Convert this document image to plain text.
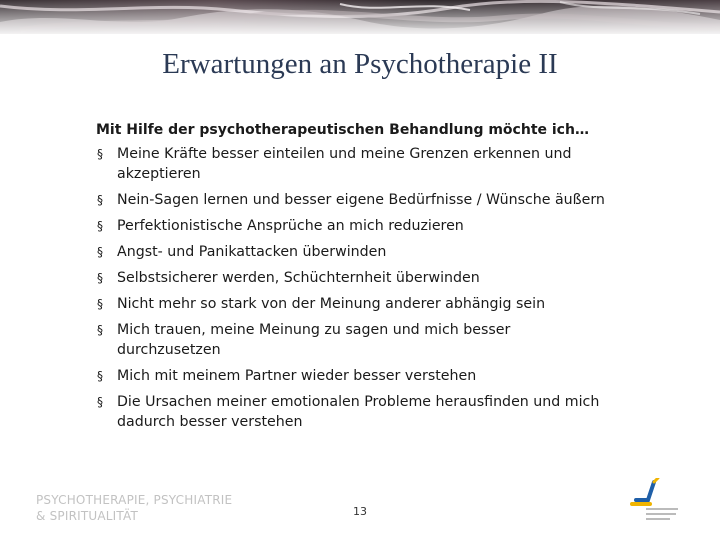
Erwartungen an Psychotherapie II

Mit Hilfe der psychotherapeutischen Behandlung möchte ich…

§ Meine Kräfte besser einteilen und meine Grenzen erkennen und akzeptieren
§ Nein-Sagen lernen und besser eigene Bedürfnisse / Wünsche äußern
§ Perfektionistische Ansprüche an mich reduzieren
§ Angst- und Panikattacken überwinden
§ Selbstsicherer werden, Schüchternheit überwinden
§ Nicht mehr so stark von der Meinung anderer abhängig sein
§ Mich trauen, meine Meinung zu sagen und mich besser durchzusetzen
§ Mich mit meinem Partner wieder besser verstehen
§ Die Ursachen meiner emotionalen Probleme herausfinden und mich dadurch besser verstehen
PSYCHOTHERAPIE, PSYCHIATRIE
& SPIRITUALITÄT	13
